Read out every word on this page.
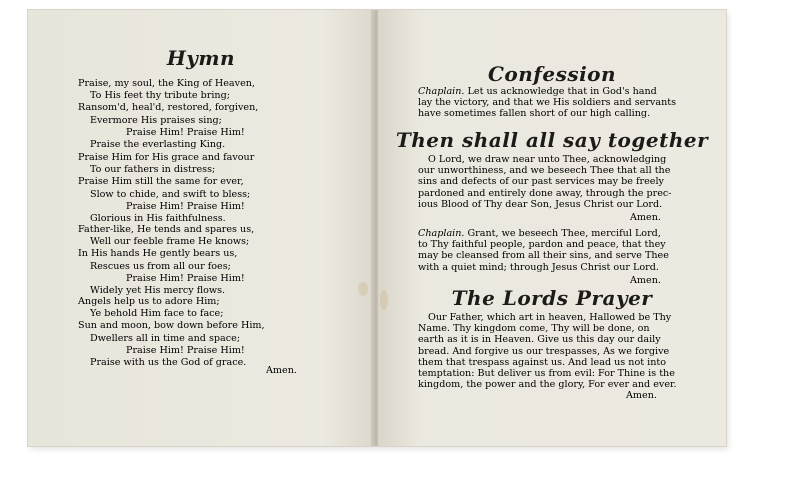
Hymn
Praise, my soul, the King of Heaven,
To His feet thy tribute bring;
Ransom'd, heal'd, restored, forgiven,
Evermore His praises sing;
Praise Him! Praise Him!
Praise the everlasting King.
Praise Him for His grace and favour
To our fathers in distress;
Praise Him still the same for ever,
Slow to chide, and swift to bless;
Praise Him! Praise Him!
Glorious in His faithfulness.
Father-like, He tends and spares us,
Well our feeble frame He knows;
In His hands He gently bears us,
Rescues us from all our foes;
Praise Him! Praise Him!
Widely yet His mercy flows.
Angels help us to adore Him;
Ye behold Him face to face;
Sun and moon, bow down before Him,
Dwellers all in time and space;
Praise Him! Praise Him!
Praise with us the God of grace.
Amen.
Confession
Chaplain. Let us acknowledge that in God's hand
lay the victory, and that we His soldiers and servants
have sometimes fallen short of our high calling.
Then shall all say together
O Lord, we draw near unto Thee, acknowledging
our unworthiness, and we beseech Thee that all the
sins and defects of our past services may be freely
pardoned and entirely done away, through the prec-
ious Blood of Thy dear Son, Jesus Christ our Lord.
Amen.
Chaplain. Grant, we beseech Thee, merciful Lord,
to Thy faithful people, pardon and peace, that they
may be cleansed from all their sins, and serve Thee
with a quiet mind; through Jesus Christ our Lord.
Amen.
The Lords Prayer
Our Father, which art in heaven, Hallowed be Thy
Name. Thy kingdom come, Thy will be done, on
earth as it is in Heaven. Give us this day our daily
bread. And forgive us our trespasses, As we forgive
them that trespass against us. And lead us not into
temptation: But deliver us from evil: For Thine is the
kingdom, the power and the glory, For ever and ever.
Amen.
